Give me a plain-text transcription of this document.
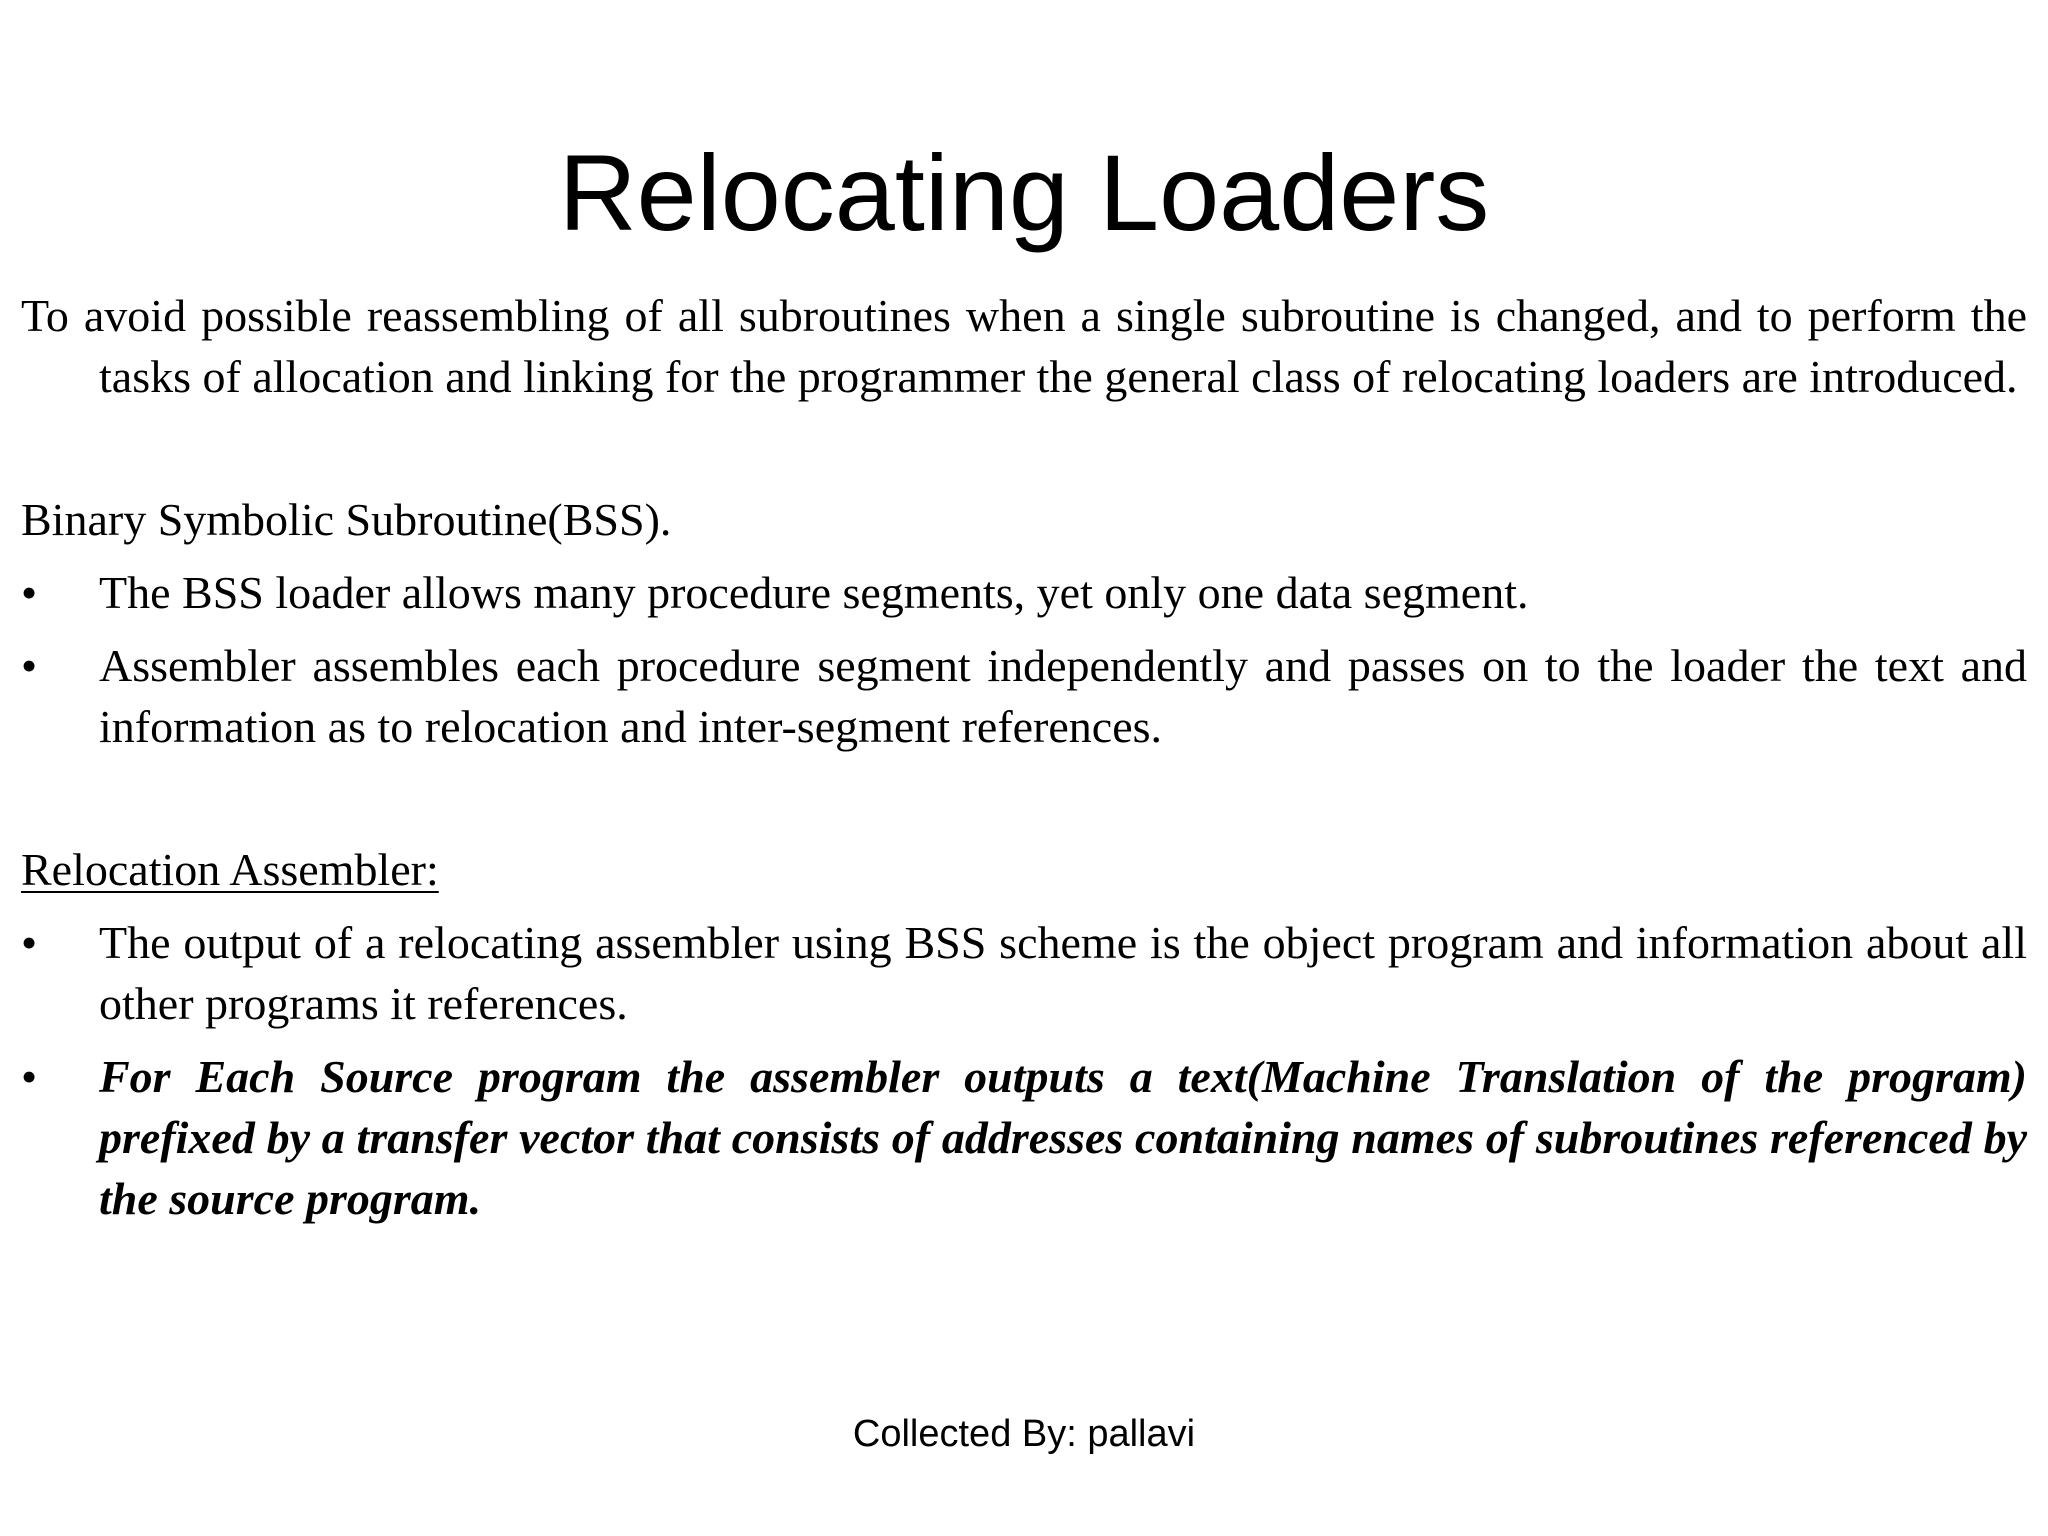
Relocating Loaders

To avoid possible reassembling of all subroutines when a single subroutine is changed, and to perform the tasks of allocation and linking for the programmer the general class of relocating loaders are introduced.

Binary Symbolic Subroutine(BSS).

•	The BSS loader allows many procedure segments, yet only one data segment.
•	Assembler assembles each procedure segment independently and passes on to the loader the text and information as to relocation and inter-segment references.

Relocation Assembler:

•	The output of a relocating assembler using BSS scheme is the object program and information about all other programs it references.
•	For Each Source program the assembler outputs a text(Machine Translation of the program) prefixed by a transfer vector that consists of addresses containing names of subroutines referenced by the source program.
Collected By: pallavi
